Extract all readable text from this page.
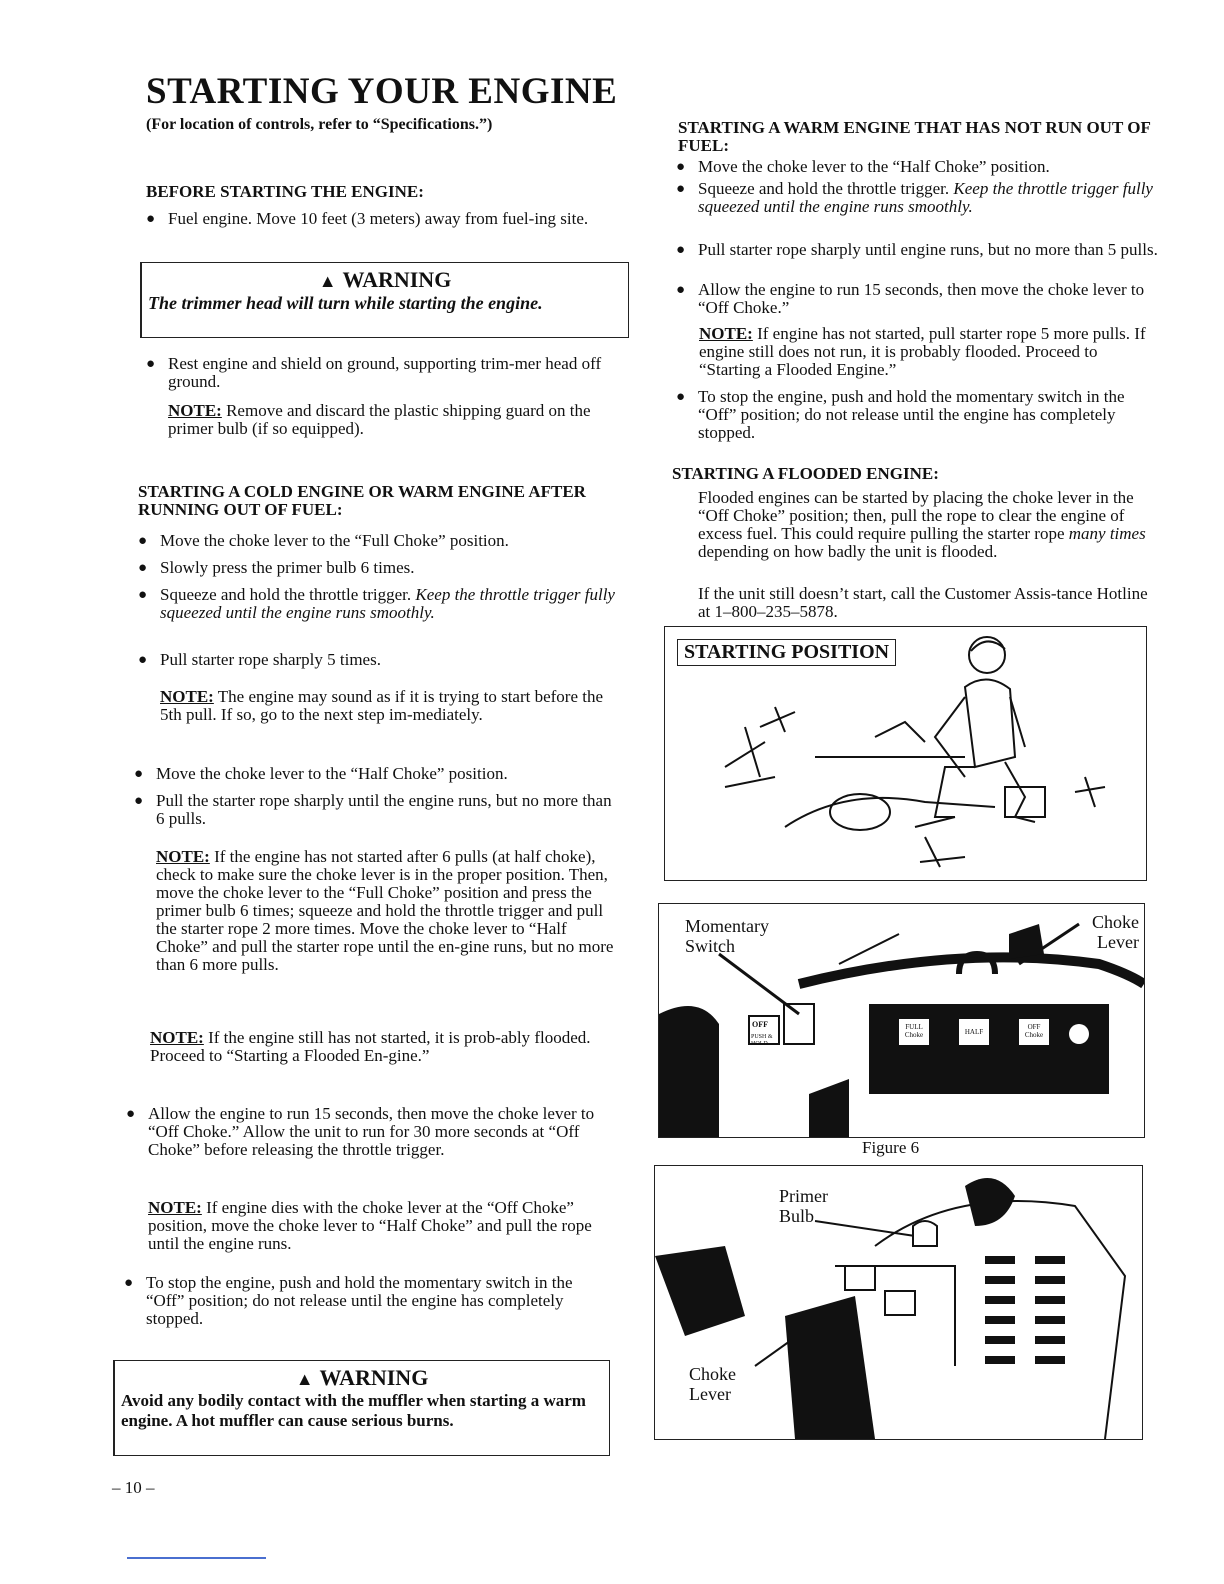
STARTING YOUR ENGINE
(For location of controls, refer to “Specifications.”)
BEFORE STARTING THE ENGINE:
● Fuel engine. Move 10 feet (3 meters) away from fuel-ing site.
▲ WARNING
The trimmer head will turn while starting the engine.
● Rest engine and shield on ground, supporting trim-mer head off ground.
NOTE: Remove and discard the plastic shipping guard on the primer bulb (if so equipped).
STARTING A COLD ENGINE OR WARM ENGINE AFTER RUNNING OUT OF FUEL:
● Move the choke lever to the “Full Choke” position.
● Slowly press the primer bulb 6 times.
● Squeeze and hold the throttle trigger. Keep the throttle trigger fully squeezed until the engine runs smoothly.
● Pull starter rope sharply 5 times.
NOTE: The engine may sound as if it is trying to start before the 5th pull. If so, go to the next step im-mediately.
● Move the choke lever to the “Half Choke” position.
● Pull the starter rope sharply until the engine runs, but no more than 6 pulls.
NOTE: If the engine has not started after 6 pulls (at half choke), check to make sure the choke lever is in the proper position. Then, move the choke lever to the “Full Choke” position and press the primer bulb 6 times; squeeze and hold the throttle trigger and pull the starter rope 2 more times. Move the choke lever to “Half Choke” and pull the starter rope until the en-gine runs, but no more than 6 more pulls.
NOTE: If the engine still has not started, it is prob-ably flooded. Proceed to “Starting a Flooded En-gine.”
● Allow the engine to run 15 seconds, then move the choke lever to “Off Choke.” Allow the unit to run for 30 more seconds at “Off Choke” before releasing the throttle trigger.
NOTE: If engine dies with the choke lever at the “Off Choke” position, move the choke lever to “Half Choke” and pull the rope until the engine runs.
● To stop the engine, push and hold the momentary switch in the “Off” position; do not release until the engine has completely stopped.
▲ WARNING
Avoid any bodily contact with the muffler when starting a warm engine. A hot muffler can cause serious burns.
– 10 –
STARTING A WARM ENGINE THAT HAS NOT RUN OUT OF FUEL:
● Move the choke lever to the “Half Choke” position.
● Squeeze and hold the throttle trigger. Keep the throttle trigger fully squeezed until the engine runs smoothly.
● Pull starter rope sharply until engine runs, but no more than 5 pulls.
● Allow the engine to run 15 seconds, then move the choke lever to “Off Choke.”
NOTE: If engine has not started, pull starter rope 5 more pulls. If engine still does not run, it is probably flooded. Proceed to “Starting a Flooded Engine.”
● To stop the engine, push and hold the momentary switch in the “Off” position; do not release until the engine has completely stopped.
STARTING A FLOODED ENGINE:
Flooded engines can be started by placing the choke lever in the “Off Choke” position; then, pull the rope to clear the engine of excess fuel. This could require pulling the starter rope many times depending on how badly the unit is flooded.
If the unit still doesn’t start, call the Customer Assis-tance Hotline at 1–800–235–5878.
STARTING POSITION
Momentary Switch
Choke Lever
OFF
PUSH & HOLD
FULL Choke	HALF
OFF Choke
Figure 6
Primer Bulb
Choke Lever
